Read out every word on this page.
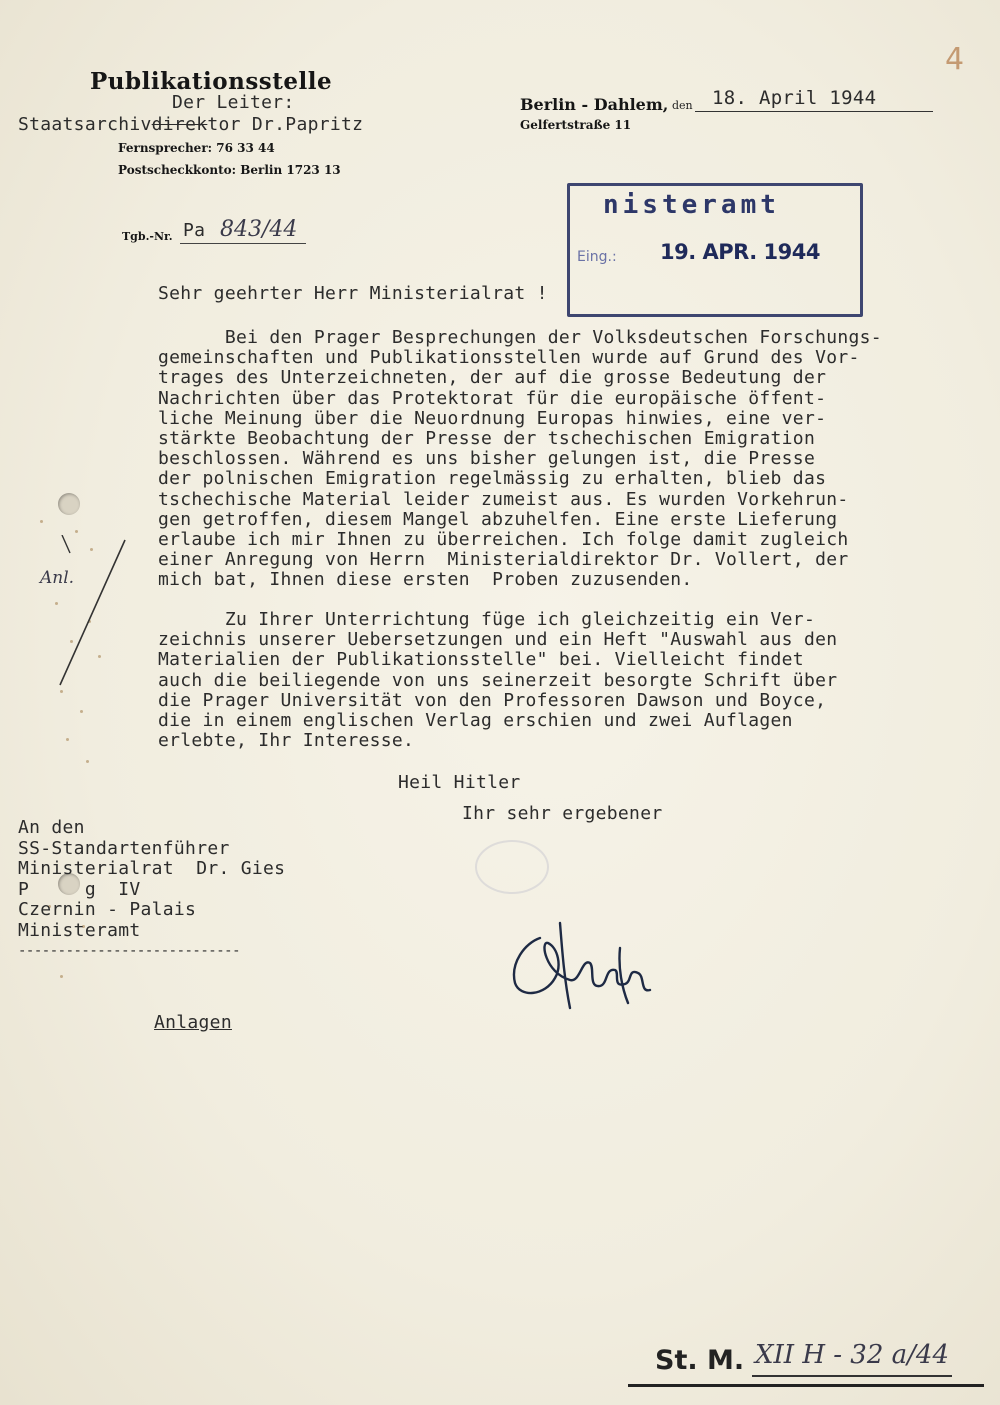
Publikationsstelle
Der Leiter:
Staatsarchivdirektor Dr.Papritz
Fernsprecher: 76 33 44
Postscheckkonto: Berlin 1723 13
Berlin - Dahlem, den 18. April 1944
Gelfertstraße 11
Tgb.-Nr. Pa 843/44
4
nisteramt
Eing.: 19. APR. 1944
Sehr geehrter Herr Ministerialrat !
Bei den Prager Besprechungen der Volksdeutschen Forschungs-
gemeinschaften und Publikationsstellen wurde auf Grund des Vor-
trages des Unterzeichneten, der auf die grosse Bedeutung der
Nachrichten über das Protektorat für die europäische öffent-
liche Meinung über die Neuordnung Europas hinwies, eine ver-
stärkte Beobachtung der Presse der tschechischen Emigration
beschlossen. Während es uns bisher gelungen ist, die Presse
der polnischen Emigration regelmässig zu erhalten, blieb das
tschechische Material leider zumeist aus. Es wurden Vorkehrun-
gen getroffen, diesem Mangel abzuhelfen. Eine erste Lieferung
erlaube ich mir Ihnen zu überreichen. Ich folge damit zugleich
einer Anregung von Herrn  Ministerialdirektor Dr. Vollert, der
mich bat, Ihnen diese ersten  Proben zuzusenden.
Zu Ihrer Unterrichtung füge ich gleichzeitig ein Ver-
zeichnis unserer Uebersetzungen und ein Heft "Auswahl aus den
Materialien der Publikationsstelle" bei. Vielleicht findet
auch die beiliegende von uns seinerzeit besorgte Schrift über
die Prager Universität von den Professoren Dawson und Boyce,
die in einem englischen Verlag erschien und zwei Auflagen
erlebte, Ihr Interesse.
Heil Hitler
Ihr sehr ergebener
An den
SS-Standartenführer
Ministerialrat  Dr. Gies
P     g  IV
Czernin - Palais
Ministeramt
----------------------------
Anlagen
Anl.
St. M. XII H - 32 a/44
